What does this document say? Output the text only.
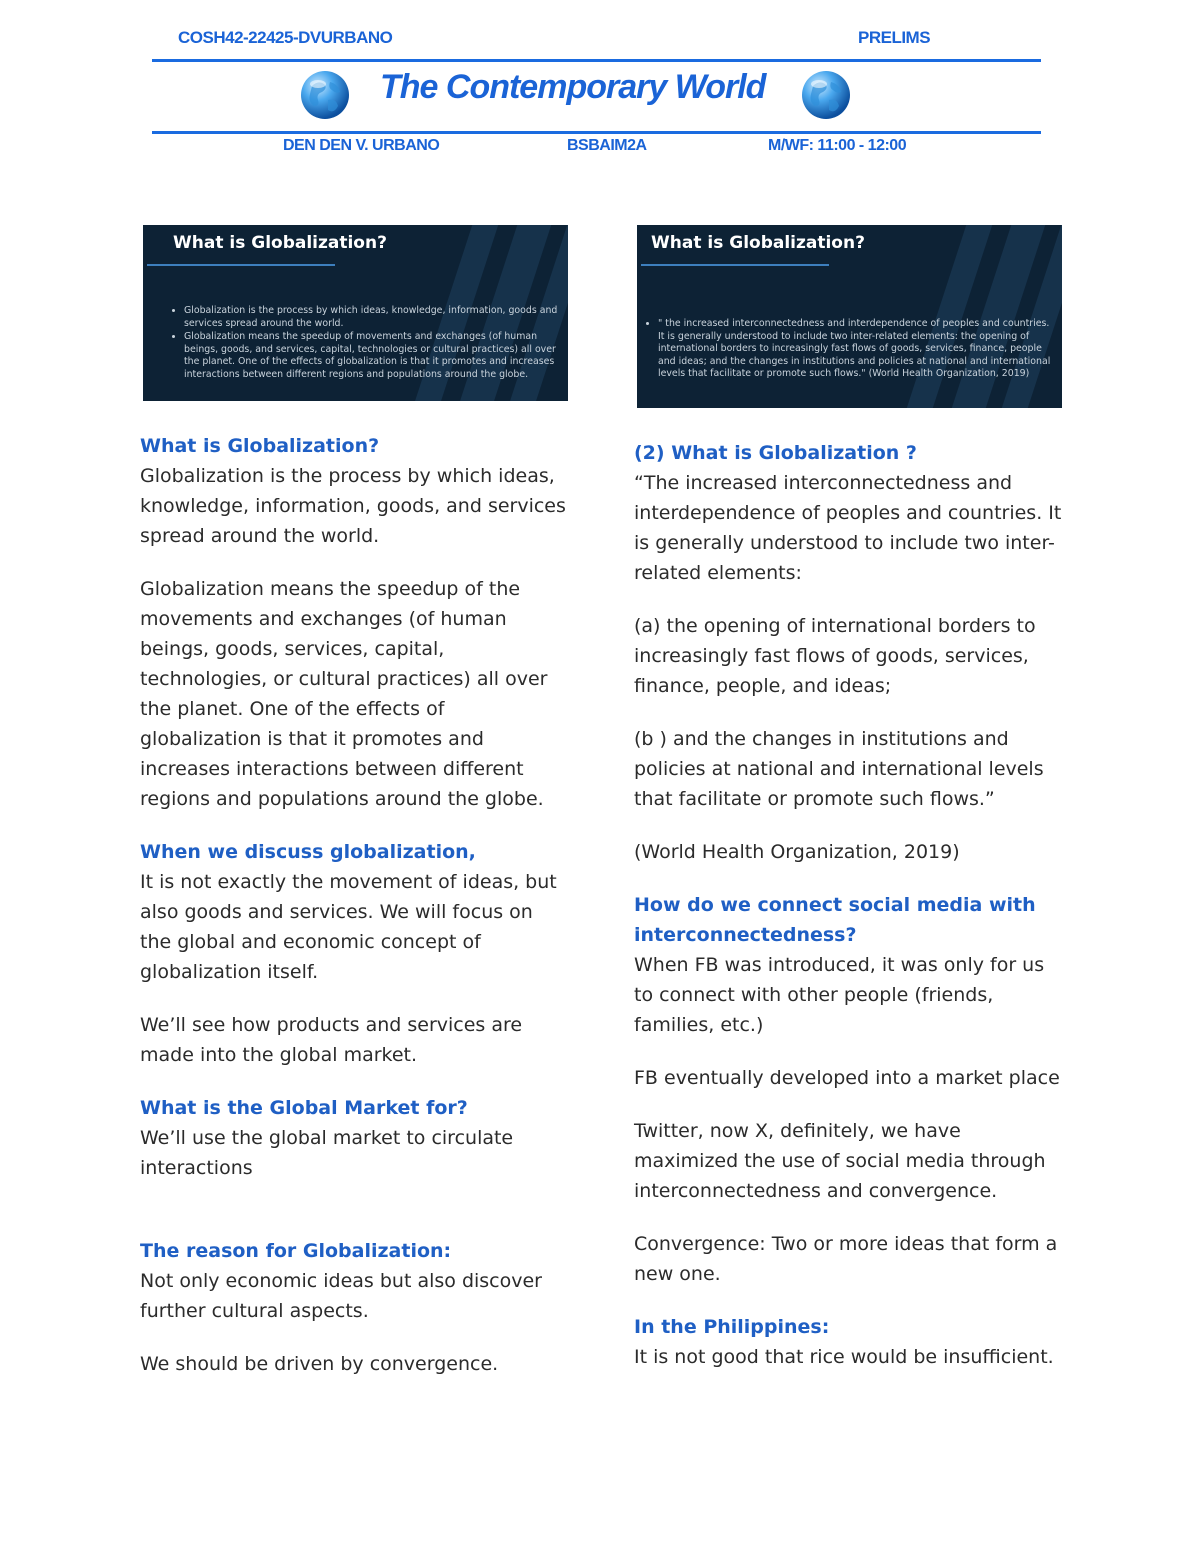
COSH42-22425-DVURBANO	PRELIMS
The Contemporary World
DEN DEN V. URBANO	BSBAIM2A	M/WF: 11:00 - 12:00
What is Globalization?
• Globalization is the process by which ideas, knowledge, information, goods and services spread around the world.
• Globalization means the speedup of movements and exchanges (of human beings, goods, and services, capital, technologies or cultural practices) all over the planet. One of the effects of globalization is that it promotes and increases interactions between different regions and populations around the globe.
What is Globalization?
• " the increased interconnectedness and interdependence of peoples and countries. It is generally understood to include two inter-related elements: the opening of international borders to increasingly fast flows of goods, services, finance, people and ideas; and the changes in institutions and policies at national and international levels that facilitate or promote such flows." (World Health Organization, 2019)

What is Globalization?
Globalization is the process by which ideas, knowledge, information, goods, and services spread around the world.

Globalization means the speedup of the movements and exchanges (of human beings, goods, services, capital, technologies, or cultural practices) all over the planet. One of the effects of globalization is that it promotes and increases interactions between different regions and populations around the globe.

When we discuss globalization,
It is not exactly the movement of ideas, but also goods and services. We will focus on the global and economic concept of globalization itself.

We’ll see how products and services are made into the global market.

What is the Global Market for?
We’ll use the global market to circulate interactions

The reason for Globalization:
Not only economic ideas but also discover further cultural aspects.

We should be driven by convergence.

(2) What is Globalization ?
“The increased interconnectedness and interdependence of peoples and countries. It is generally understood to include two inter-related elements:

(a) the opening of international borders to increasingly fast flows of goods, services, finance, people, and ideas;

(b ) and the changes in institutions and policies at national and international levels that facilitate or promote such flows.”

(World Health Organization, 2019)

How do we connect social media with interconnectedness?
When FB was introduced, it was only for us to connect with other people (friends, families, etc.)

FB eventually developed into a market place

Twitter, now X, definitely, we have maximized the use of social media through interconnectedness and convergence.

Convergence: Two or more ideas that form a new one.

In the Philippines:
It is not good that rice would be insufficient.
